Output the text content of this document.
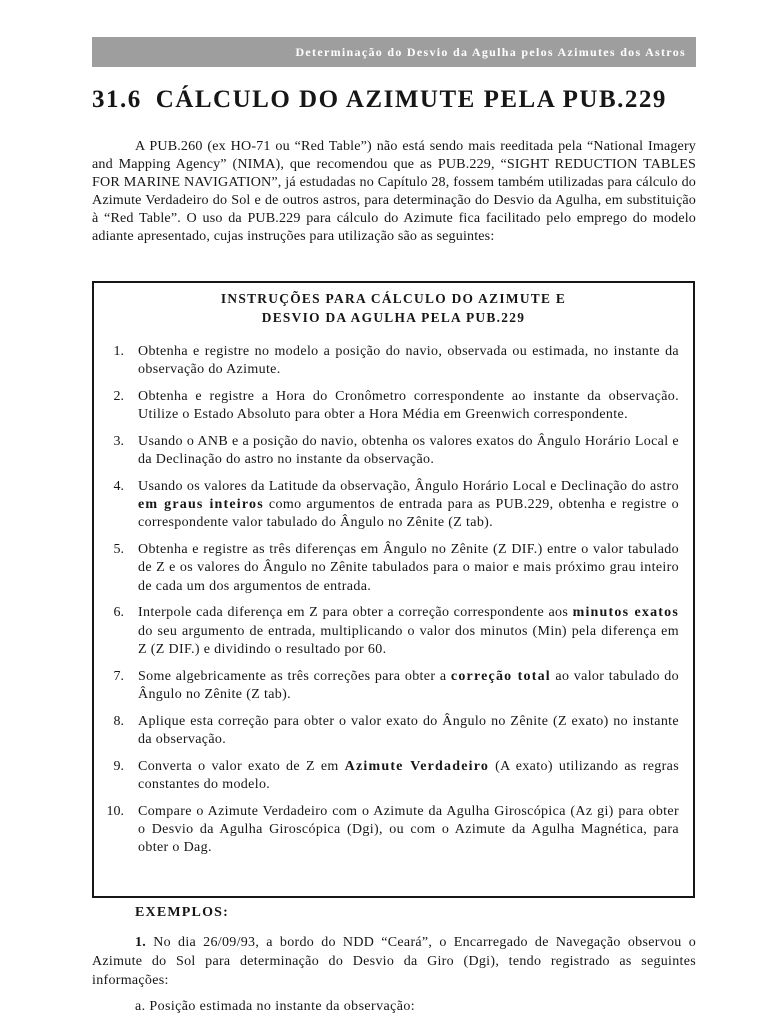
Determinação do Desvio da Agulha pelos Azimutes dos Astros
31.6 CÁLCULO DO AZIMUTE PELA PUB.229

A PUB.260 (ex HO-71 ou “Red Table”) não está sendo mais reeditada pela “National Imagery and Mapping Agency” (NIMA), que recomendou que as PUB.229, “SIGHT REDUCTION TABLES FOR MARINE NAVIGATION”, já estudadas no Capítulo 28, fossem também utilizadas para cálculo do Azimute Verdadeiro do Sol e de outros astros, para determinação do Desvio da Agulha, em substituição à “Red Table”. O uso da PUB.229 para cálculo do Azimute fica facilitado pelo emprego do modelo adiante apresentado, cujas instruções para utilização são as seguintes:

INSTRUÇÕES PARA CÁLCULO DO AZIMUTE E
DESVIO DA AGULHA PELA PUB.229
1. Obtenha e registre no modelo a posição do navio, observada ou estimada, no instante da observação do Azimute.
2. Obtenha e registre a Hora do Cronômetro correspondente ao instante da observação. Utilize o Estado Absoluto para obter a Hora Média em Greenwich correspondente.
3. Usando o ANB e a posição do navio, obtenha os valores exatos do Ângulo Horário Local e da Declinação do astro no instante da observação.
4. Usando os valores da Latitude da observação, Ângulo Horário Local e Declinação do astro em graus inteiros como argumentos de entrada para as PUB.229, obtenha e registre o correspondente valor tabulado do Ângulo no Zênite (Z tab).
5. Obtenha e registre as três diferenças em Ângulo no Zênite (Z DIF.) entre o valor tabulado de Z e os valores do Ângulo no Zênite tabulados para o maior e mais próximo grau inteiro de cada um dos argumentos de entrada.
6. Interpole cada diferença em Z para obter a correção correspondente aos minutos exatos do seu argumento de entrada, multiplicando o valor dos minutos (Min) pela diferença em Z (Z DIF.) e dividindo o resultado por 60.
7. Some algebricamente as três correções para obter a correção total ao valor tabulado do Ângulo no Zênite (Z tab).
8. Aplique esta correção para obter o valor exato do Ângulo no Zênite (Z exato) no instante da observação.
9. Converta o valor exato de Z em Azimute Verdadeiro (A exato) utilizando as regras constantes do modelo.
10. Compare o Azimute Verdadeiro com o Azimute da Agulha Giroscópica (Az gi) para obter o Desvio da Agulha Giroscópica (Dgi), ou com o Azimute da Agulha Magnética, para obter o Dag.

EXEMPLOS:

1. No dia 26/09/93, a bordo do NDD “Ceará”, o Encarregado de Navegação observou o Azimute do Sol para determinação do Desvio da Giro (Dgi), tendo registrado as seguintes informações:

a. Posição estimada no instante da observação:
